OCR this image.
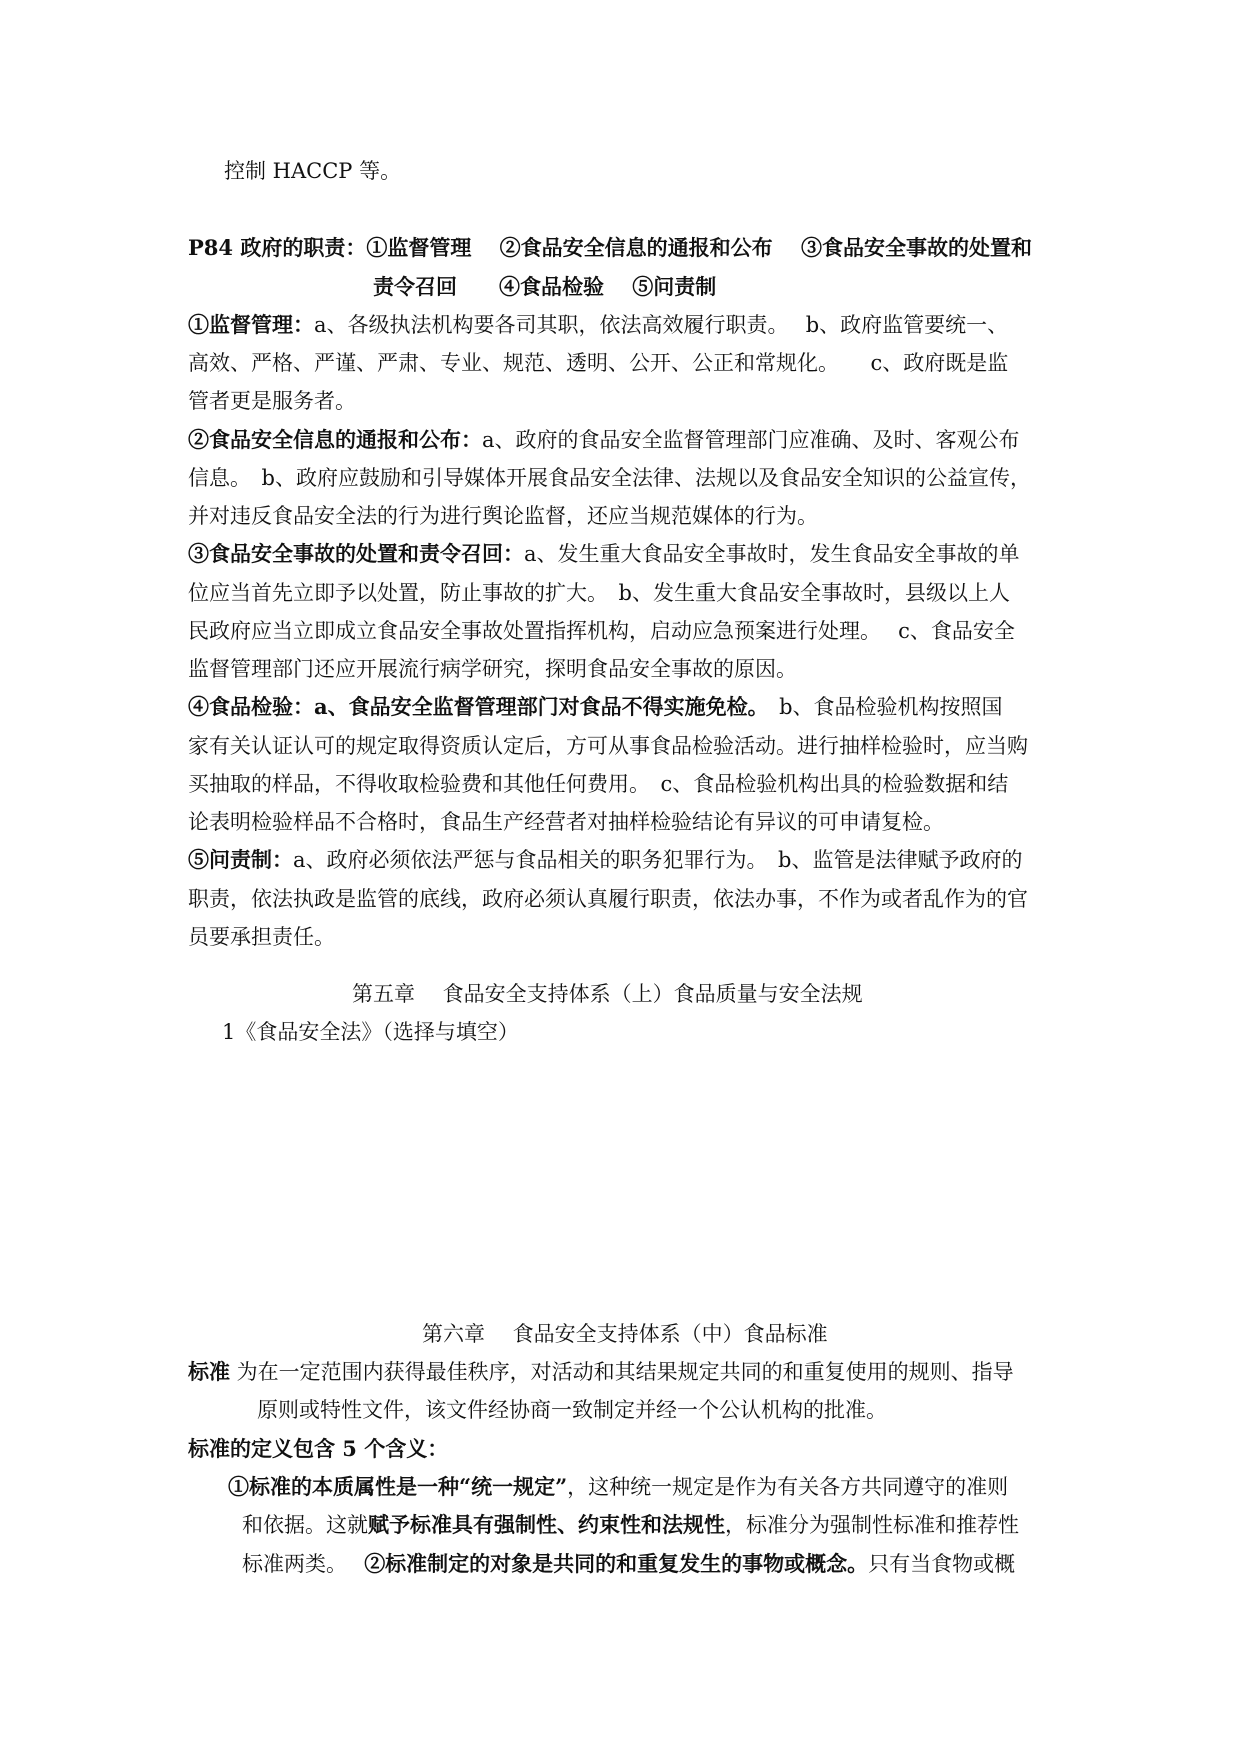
控制 HACCP 等。
P84 政府的职责：①监督管理　 ②食品安全信息的通报和公布　 ③食品安全事故的处置和
责令召回　　④食品检验　 ⑤问责制
①监督管理：a、各级执法机构要各司其职，依法高效履行职责。　 b、政府监管要统一、
高效、严格、严谨、严肃、专业、规范、透明、公开、公正和常规化。　　c、政府既是监
管者更是服务者。
②食品安全信息的通报和公布：a、政府的食品安全监督管理部门应准确、及时、客观公布
信息。　b、政府应鼓励和引导媒体开展食品安全法律、法规以及食品安全知识的公益宣传，
并对违反食品安全法的行为进行舆论监督，还应当规范媒体的行为。
③食品安全事故的处置和责令召回：a、发生重大食品安全事故时，发生食品安全事故的单
位应当首先立即予以处置，防止事故的扩大。　b、发生重大食品安全事故时，县级以上人
民政府应当立即成立食品安全事故处置指挥机构，启动应急预案进行处理。　 c、食品安全
监督管理部门还应开展流行病学研究，探明食品安全事故的原因。
④食品检验：a、食品安全监督管理部门对食品不得实施免检。　b、食品检验机构按照国
家有关认证认可的规定取得资质认定后，方可从事食品检验活动。进行抽样检验时，应当购
买抽取的样品，不得收取检验费和其他任何费用。　c、食品检验机构出具的检验数据和结
论表明检验样品不合格时，食品生产经营者对抽样检验结论有异议的可申请复检。
⑤问责制：a、政府必须依法严惩与食品相关的职务犯罪行为。　b、监管是法律赋予政府的
职责，依法执政是监管的底线，政府必须认真履行职责，依法办事，不作为或者乱作为的官
员要承担责任。
第五章　 食品安全支持体系（上）食品质量与安全法规
1《食品安全法》（选择与填空）
第六章　 食品安全支持体系（中）食品标准
标准 为在一定范围内获得最佳秩序，对活动和其结果规定共同的和重复使用的规则、指导
原则或特性文件，该文件经协商一致制定并经一个公认机构的批准。
标准的定义包含 5 个含义：
①标准的本质属性是一种“统一规定”，这种统一规定是作为有关各方共同遵守的准则
和依据。这就赋予标准具有强制性、约束性和法规性，标准分为强制性标准和推荐性
标准两类。　 ②标准制定的对象是共同的和重复发生的事物或概念。只有当食物或概
